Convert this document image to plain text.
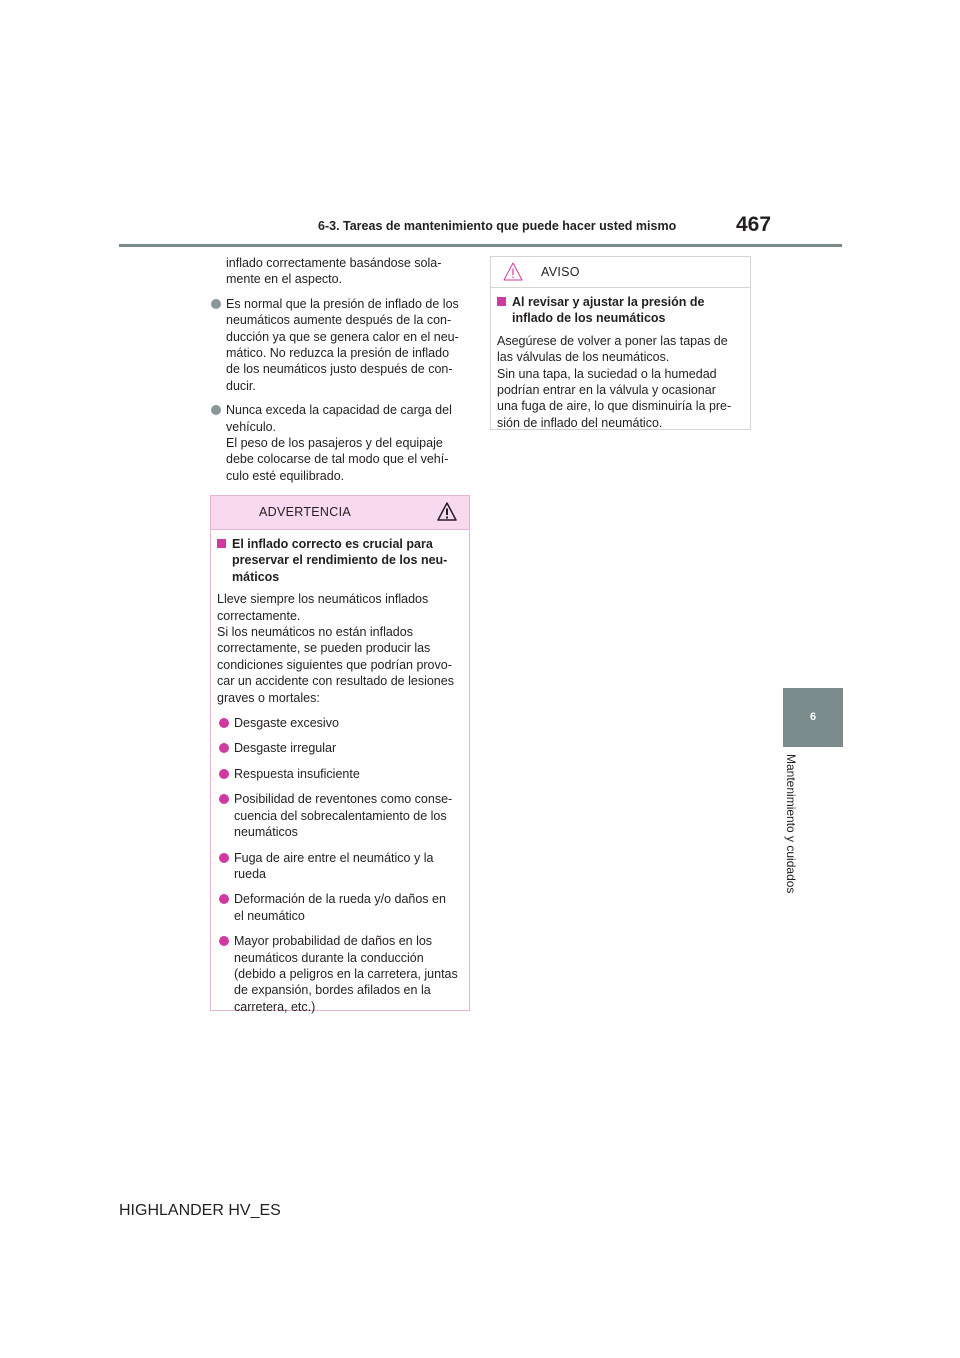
6-3. Tareas de mantenimiento que puede hacer usted mismo	467
6
Mantenimiento y cuidados

inflado correctamente basándose sola-
mente en el aspecto.

Es normal que la presión de inflado de los
neumáticos aumente después de la con-
ducción ya que se genera calor en el neu-
mático. No reduzca la presión de inflado
de los neumáticos justo después de con-
ducir.

Nunca exceda la capacidad de carga del
vehículo.
El peso de los pasajeros y del equipaje
debe colocarse de tal modo que el vehí-
culo esté equilibrado.

ADVERTENCIA

El inflado correcto es crucial para
preservar el rendimiento de los neu-
máticos

Lleve siempre los neumáticos inflados
correctamente.
Si los neumáticos no están inflados
correctamente, se pueden producir las
condiciones siguientes que podrían provo-
car un accidente con resultado de lesiones
graves o mortales:

Desgaste excesivo

Desgaste irregular

Respuesta insuficiente

Posibilidad de reventones como conse-
cuencia del sobrecalentamiento de los
neumáticos

Fuga de aire entre el neumático y la
rueda

Deformación de la rueda y/o daños en
el neumático

Mayor probabilidad de daños en los
neumáticos durante la conducción
(debido a peligros en la carretera, juntas
de expansión, bordes afilados en la
carretera, etc.)

AVISO

Al revisar y ajustar la presión de
inflado de los neumáticos

Asegúrese de volver a poner las tapas de
las válvulas de los neumáticos.
Sin una tapa, la suciedad o la humedad
podrían entrar en la válvula y ocasionar
una fuga de aire, lo que disminuiría la pre-
sión de inflado del neumático.

HIGHLANDER HV_ES
